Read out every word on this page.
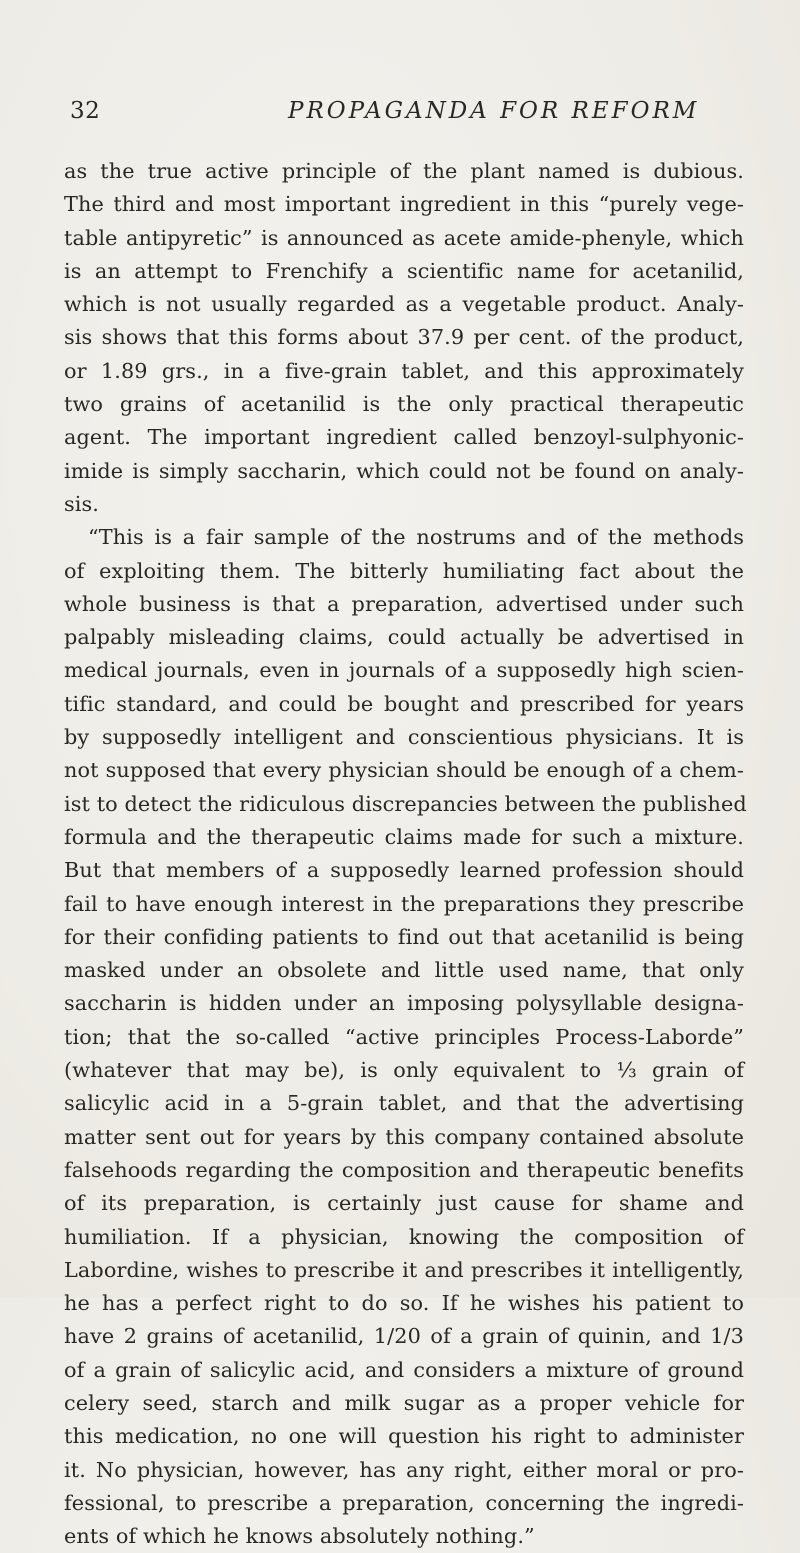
32	PROPAGANDA FOR REFORM
as the true active principle of the plant named is dubious.
The third and most important ingredient in this “purely vege-
table antipyretic” is announced as acete amide-phenyle, which
is an attempt to Frenchify a scientific name for acetanilid,
which is not usually regarded as a vegetable product. Analy-
sis shows that this forms about 37.9 per cent. of the product,
or 1.89 grs., in a five-grain tablet, and this approximately
two grains of acetanilid is the only practical therapeutic
agent. The important ingredient called benzoyl-sulphyonic-
imide is simply saccharin, which could not be found on analy-
sis.
“This is a fair sample of the nostrums and of the methods
of exploiting them. The bitterly humiliating fact about the
whole business is that a preparation, advertised under such
palpably misleading claims, could actually be advertised in
medical journals, even in journals of a supposedly high scien-
tific standard, and could be bought and prescribed for years
by supposedly intelligent and conscientious physicians. It is
not supposed that every physician should be enough of a chem-
ist to detect the ridiculous discrepancies between the published
formula and the therapeutic claims made for such a mixture.
But that members of a supposedly learned profession should
fail to have enough interest in the preparations they prescribe
for their confiding patients to find out that acetanilid is being
masked under an obsolete and little used name, that only
saccharin is hidden under an imposing polysyllable designa-
tion; that the so-called “active principles Process-Laborde”
(whatever that may be), is only equivalent to ⅓ grain of
salicylic acid in a 5-grain tablet, and that the advertising
matter sent out for years by this company contained absolute
falsehoods regarding the composition and therapeutic benefits
of its preparation, is certainly just cause for shame and
humiliation. If a physician, knowing the composition of
Labordine, wishes to prescribe it and prescribes it intelligently,
he has a perfect right to do so. If he wishes his patient to
have 2 grains of acetanilid, 1/20 of a grain of quinin, and 1/3
of a grain of salicylic acid, and considers a mixture of ground
celery seed, starch and milk sugar as a proper vehicle for
this medication, no one will question his right to administer
it. No physician, however, has any right, either moral or pro-
fessional, to prescribe a preparation, concerning the ingredi-
ents of which he knows absolutely nothing.”
